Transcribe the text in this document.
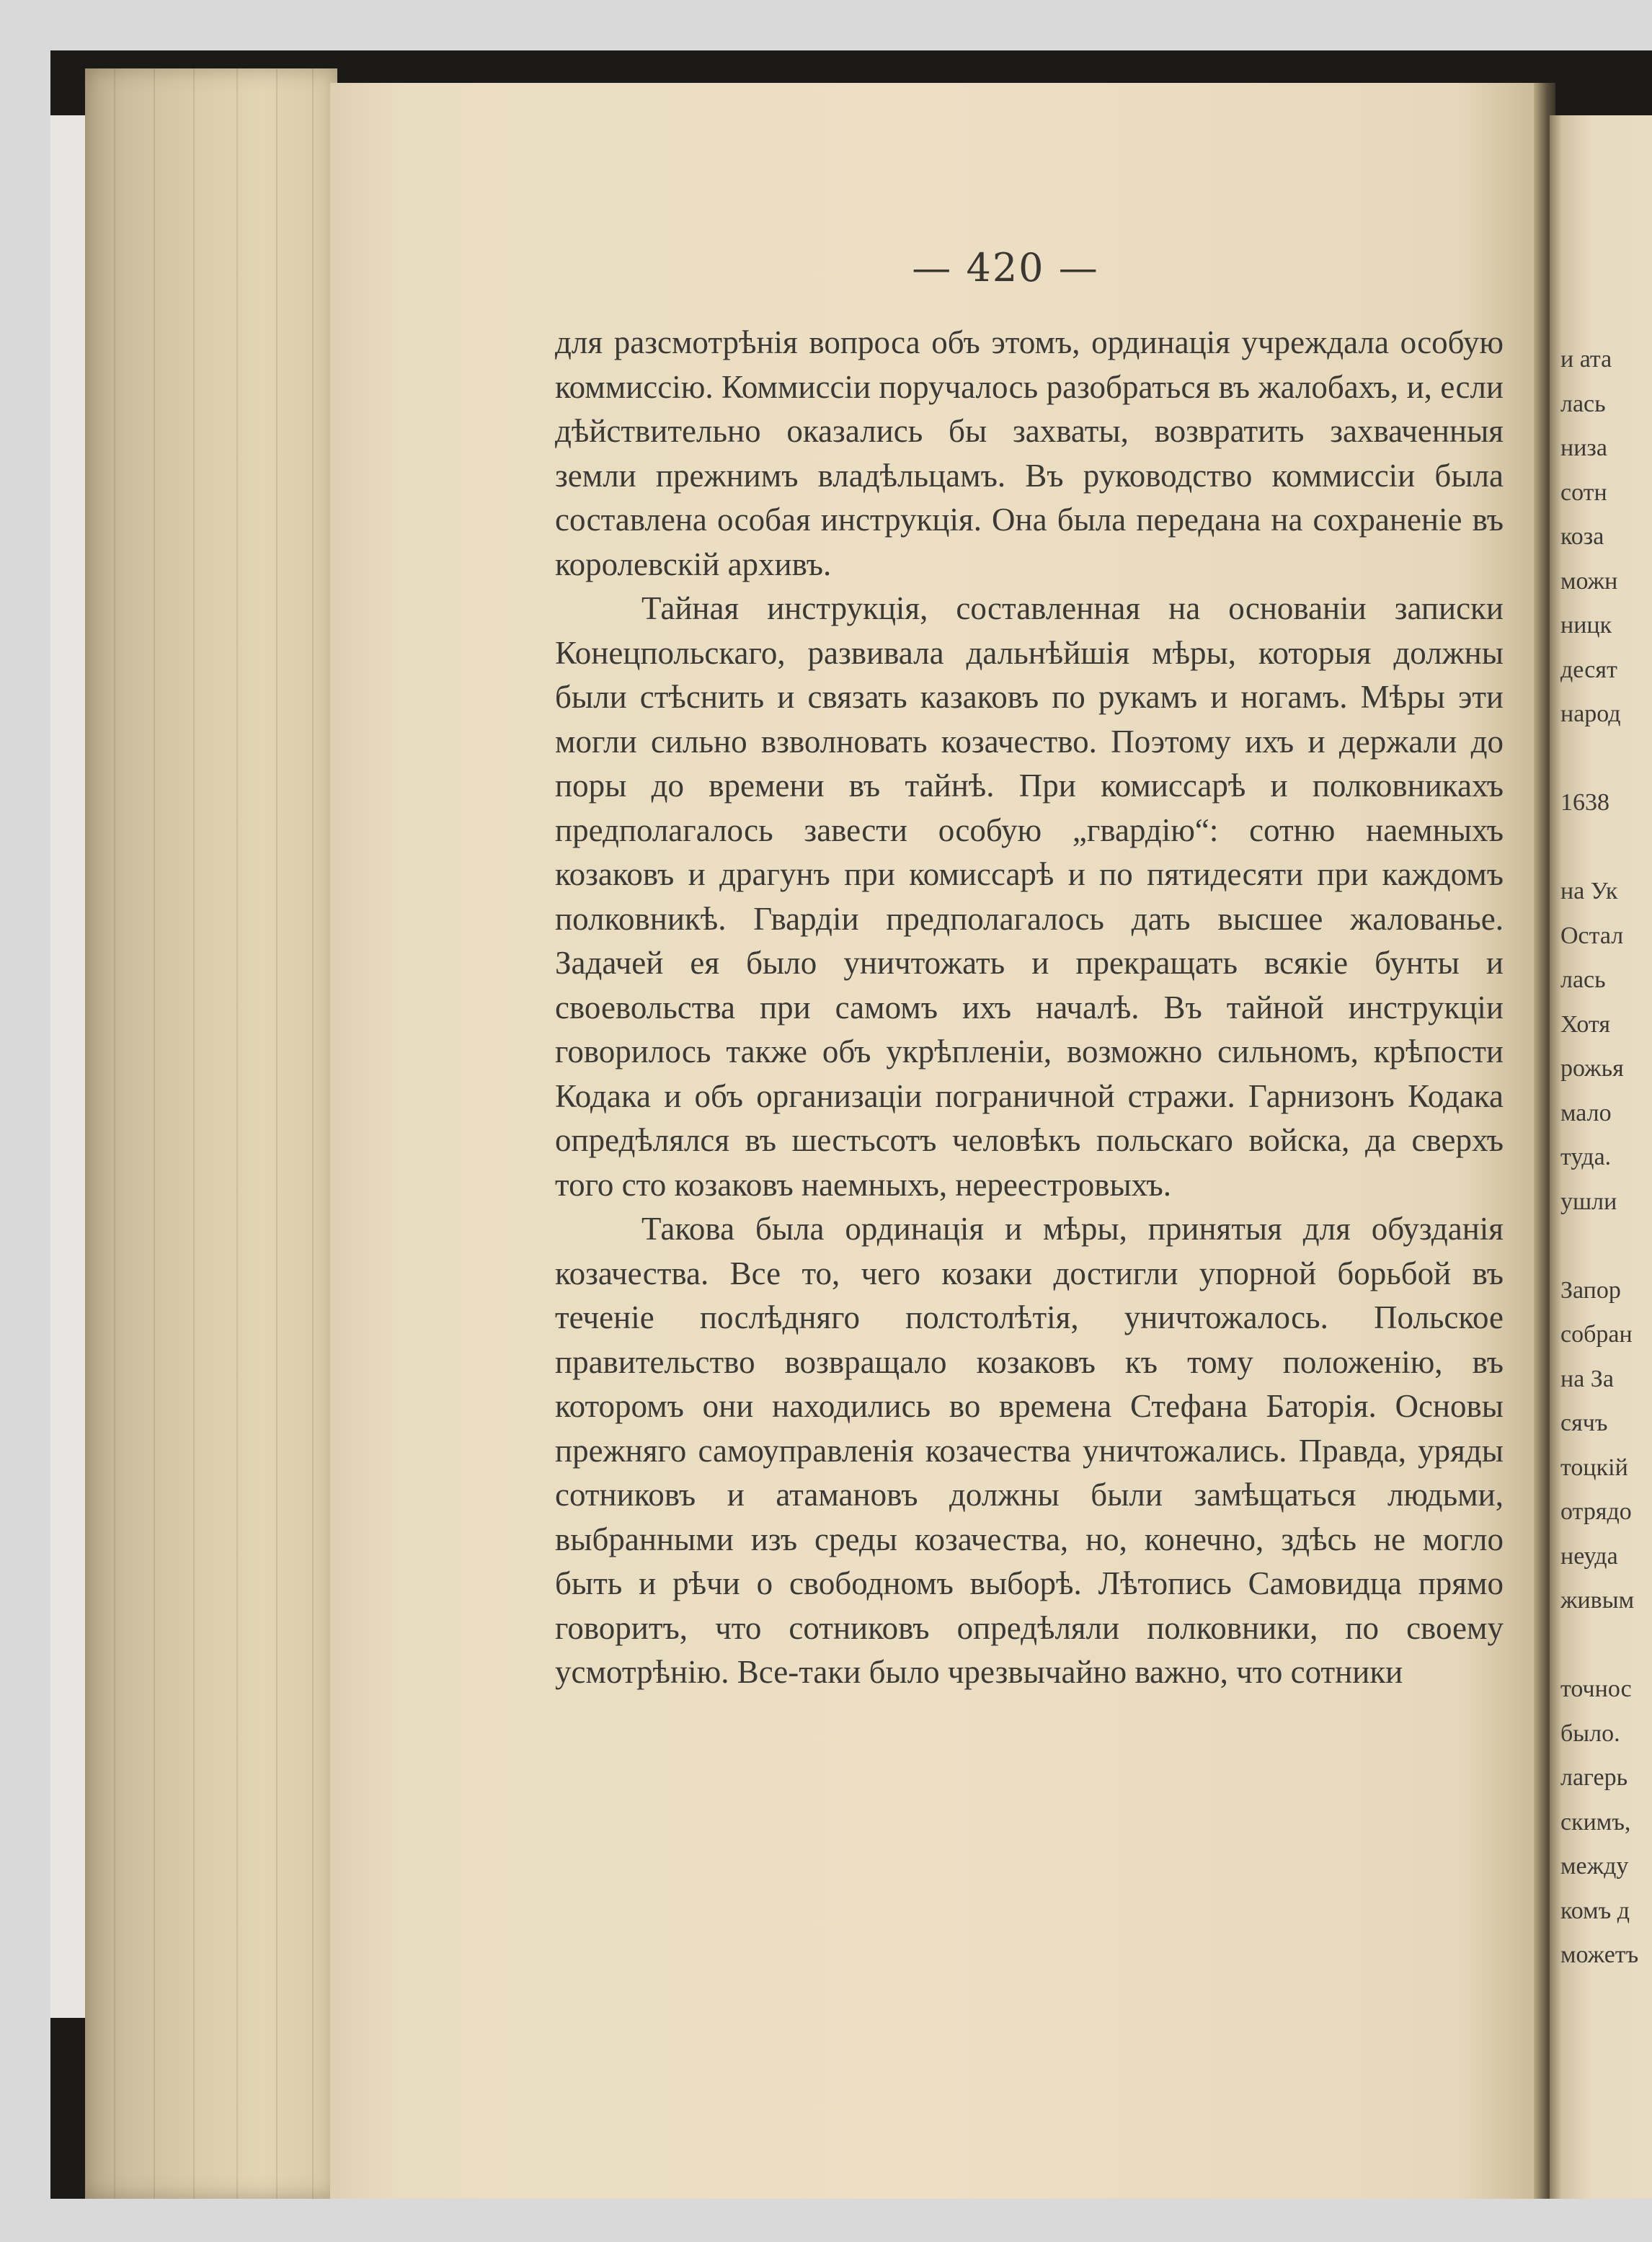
— 420 —

для разсмотрѣнія вопроса объ этомъ, ординація учреждала особую коммиссію. Коммиссіи поручалось разобраться въ жалобахъ, и, если дѣйствительно оказались бы захваты, возвратить захваченныя земли прежнимъ владѣльцамъ. Въ руководство коммиссіи была составлена особая инструкція. Она была передана на сохраненіе въ королевскій архивъ.

Тайная инструкція, составленная на основаніи записки Конецпольскаго, развивала дальнѣйшія мѣры, которыя должны были стѣснить и связать казаковъ по рукамъ и ногамъ. Мѣры эти могли сильно взволновать козачество. Поэтому ихъ и держали до поры до времени въ тайнѣ. При комиссарѣ и полковникахъ предполагалось завести особую „гвардію“: сотню наемныхъ козаковъ и драгунъ при комиссарѣ и по пятидесяти при каждомъ полковникѣ. Гвардіи предполагалось дать высшее жалованье. Задачей ея было уничтожать и прекращать всякіе бунты и своевольства при самомъ ихъ началѣ. Въ тайной инструкціи говорилось также объ укрѣпленіи, возможно сильномъ, крѣпости Кодака и объ организаціи пограничной стражи. Гарнизонъ Кодака опредѣлялся въ шестьсотъ человѣкъ польскаго войска, да сверхъ того сто козаковъ наемныхъ, нереестровыхъ.

Такова была ординація и мѣры, принятыя для обузданія козачества. Все то, чего козаки достигли упорной борьбой въ теченіе послѣдняго полстолѣтія, уничтожалось. Польское правительство возвращало козаковъ къ тому положенію, въ которомъ они находились во времена Стефана Баторія. Основы прежняго самоуправленія козачества уничтожались. Правда, уряды сотниковъ и атамановъ должны были замѣщаться людьми, выбранными изъ среды козачества, но, конечно, здѣсь не могло быть и рѣчи о свободномъ выборѣ. Лѣтопись Самовидца прямо говоритъ, что сотниковъ опредѣляли полковники, по своему усмотрѣнію. Все-таки было чрезвычайно важно, что сотники

и ата
лась
низа
сотн
коза
можн
ницк
десят
народ
1638
на Ук
Остал
лась
Хотя
рожья
мало
туда.
ушли
Запор
собран
на За
сячъ
тоцкій
отрядо
неуда
живым
точнос
было.
лагерь
скимъ,
между
комъ д
можетъ
